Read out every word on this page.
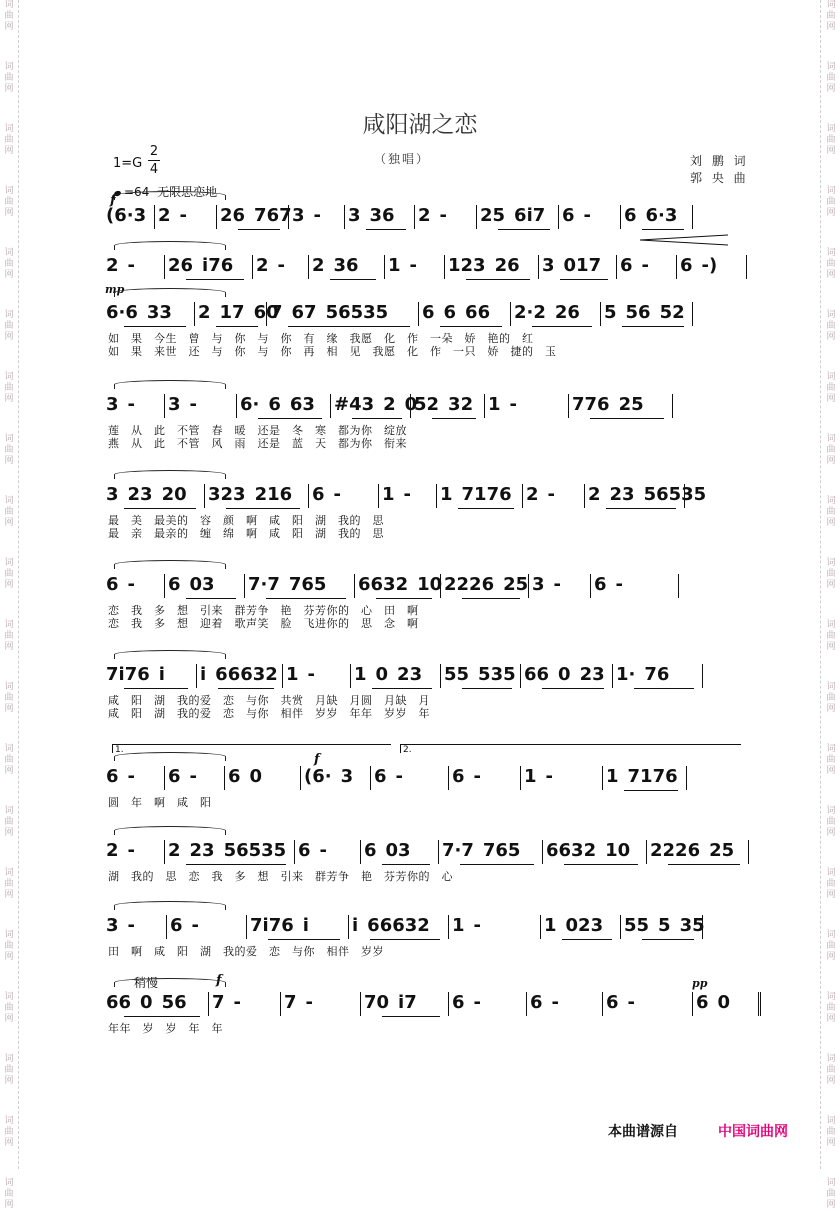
词
曲
网
词
曲
网
词
曲
网
词
曲
网
词
曲
网
词
曲
网
词
曲
网
词
曲
网
词
曲
网
词
曲
网
词
曲
网
词
曲
网
词
曲
网
词
曲
网
词
曲
网
词
曲
网
词
曲
网
词
曲
网
词
曲
网
词
曲
网
词
曲
网
词
曲
网
词
曲
网
词
曲
网
词
曲
网
词
曲
网
词
曲
网
词
曲
网
词
曲
网
词
曲
网
词
曲
网
词
曲
网
词
曲
网
词
曲
网
词
曲
网
词
曲
网
词
曲
网
词
曲
网
词
曲
网
词
曲
网
咸阳湖之恋
（独唱）	刘 鹏 词
郭 央 曲
1=G
2
4
=64 无限思恋地
f
mp
f
f	pp
稍慢
(6·3 2 - 26 767 3 - 3 36 2 - 25 6i7 6 - 6 6·3
2 - 26 i76 2 - 2 36 1 - 123 26 3 017 6 - 6 -)
6·6 33 2 17 60
7 67 56535 6 6 66 2·2 26 5 56 52
如 果 今生 曾 与 你 与 你 有 缘 我愿 化 作 一朵 娇 艳的 红
如 果 来世 还 与 你 与 你 再 相 见 我愿 化 作 一只 娇 捷的 玉
3 - 3 - 6· 6 63 #43 2 0
52 32 1 -	776 25
莲 从 此 不管 春 暖 还是 冬 寒 都为你 绽放
燕 从 此 不管 风 雨 还是 蓝 天 都为你 衔来
3 23 20 323 216 6 - 1 - 1 7176 2 - 2 23 56535
最 美 最美的 容 颜 啊 咸 阳 湖 我的 思
最 亲 最亲的 缠 绵 啊 咸 阳 湖 我的 思
6 - 6 03 7·7 765 6632 10 2226 25 3 - 6 -
恋 我 多 想 引来 群芳争 艳 芬芳你的 心 田 啊
恋 我 多 想 迎着 歌声笑 脸 飞进你的 思 念 啊
7i76 i i 66632 1 - 1 0 23 55 535 66 0 23 1· 76
咸 阳 湖 我的爱 恋 与你 共赏 月缺 月圆 月缺 月
咸 阳 湖 我的爱 恋 与你 相伴 岁岁 年年 岁岁 年
6 - 6 - 6 0 (6· 3 6 -	6 - 1 -	1 7176
1.	2.
圆 年 啊 咸 阳
2 - 2 23 56535 6 - 6 03 7·7 765 6632 10 2226 25
湖 我的 思 恋 我 多 想 引来 群芳争 艳 芬芳你的 心
3 - 6 -	7i76 i i 66632 1 -	1 023 55 5 35
田 啊 咸 阳 湖 我的爱 恋 与你 相伴 岁岁
66 0 56 7 - 7 -	70 i7 6 -	6 -	6 -	6 0
年年 岁 岁 年 年
本曲谱源自	中国词曲网
